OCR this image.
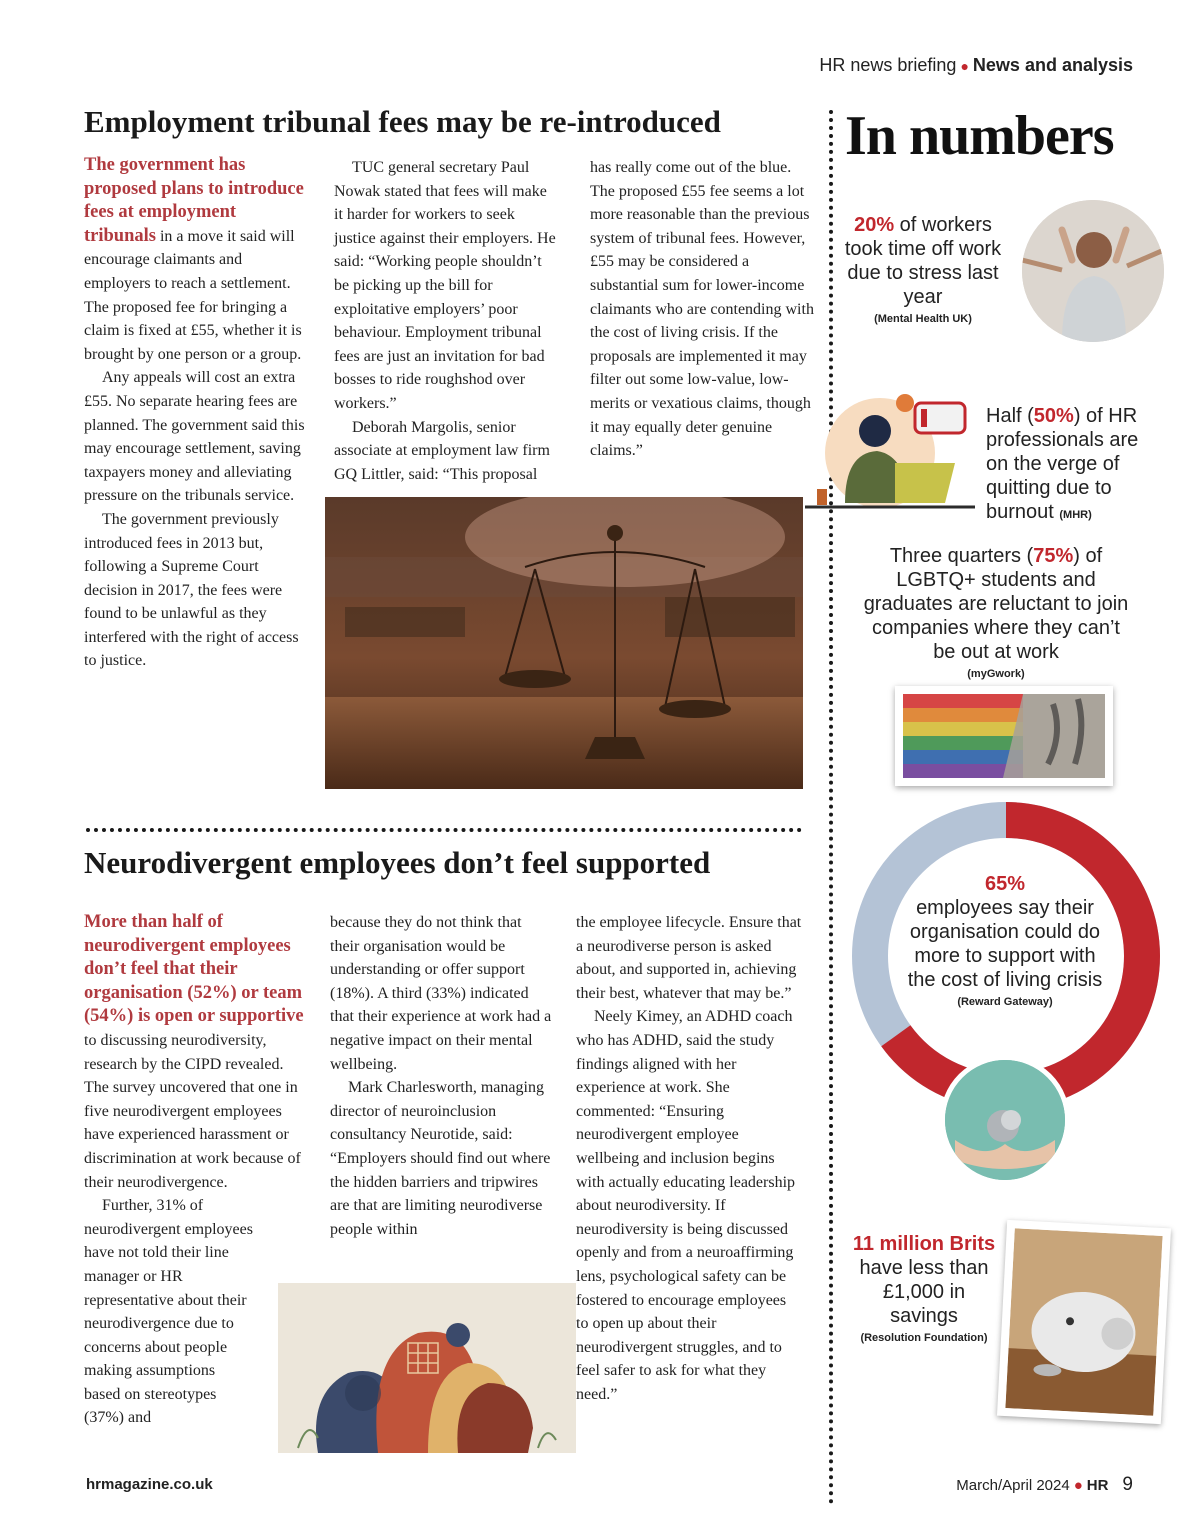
HR news briefing ● News and analysis
Employment tribunal fees may be re-introduced

The government has proposed plans to introduce fees at employment tribunals in a move it said will encourage claimants and employers to reach a settlement. The proposed fee for bringing a claim is fixed at £55, whether it is brought by one person or a group.

Any appeals will cost an extra £55. No separate hearing fees are planned. The government said this may encourage settlement, saving taxpayers money and alleviating pressure on the tribunals service.

The government previously introduced fees in 2013 but, following a Supreme Court decision in 2017, the fees were found to be unlawful as they interfered with the right of access to justice.

TUC general secretary Paul Nowak stated that fees will make it harder for workers to seek justice against their employers. He said: “Working people shouldn’t be picking up the bill for exploitative employers’ poor behaviour. Employment tribunal fees are just an invitation for bad bosses to ride roughshod over workers.”

Deborah Margolis, senior associate at employment law firm GQ Littler, said: “This proposal has really come out of the blue. The proposed £55 fee seems a lot more reasonable than the previous system of tribunal fees. However, £55 may be considered a substantial sum for lower-income claimants who are contending with the cost of living crisis. If the proposals are implemented it may filter out some low-value, low-merits or vexatious claims, though it may equally deter genuine claims.”

Neurodivergent employees don’t feel supported

More than half of neurodivergent employees don’t feel that their organisation (52%) or team (54%) is open or supportive to discussing neurodiversity, research by the CIPD revealed. The survey uncovered that one in five neurodivergent employees have experienced harassment or discrimination at work because of their neurodivergence.

Further, 31% of neurodivergent employees have not told their line manager or HR representative about their neurodivergence due to concerns about people making assumptions based on stereotypes (37%) and

because they do not think that their organisation would be understanding or offer support (18%). A third (33%) indicated that their experience at work had a negative impact on their mental wellbeing.

Mark Charlesworth, managing director of neuroinclusion consultancy Neurotide, said: “Employers should find out where the hidden barriers and tripwires are that are limiting neurodiverse people within

the employee lifecycle. Ensure that a neurodiverse person is asked about, and supported in, achieving their best, whatever that may be.”

Neely Kimey, an ADHD coach who has ADHD, said the study findings aligned with her experience at work. She commented: “Ensuring neurodivergent employee wellbeing and inclusion begins with actually educating leadership about neurodiversity. If neurodiversity is being discussed openly and from a neuroaffirming lens, psychological safety can be fostered to encourage employees to open up about their neurodivergent struggles, and to feel safer to ask for what they need.”

In numbers
20% of workers took time off work due to stress last year
(Mental Health UK)
Half (50%) of HR professionals are on the verge of quitting due to burnout (MHR)
Three quarters (75%) of LGBTQ+ students and graduates are reluctant to join companies where they can’t be out at work
(myGwork)
65%
employees say their organisation could do more to support with the cost of living crisis
(Reward Gateway)
11 million Brits have less than £1,000 in savings
(Resolution Foundation)
hrmagazine.co.uk	March/April 2024 ● HR 9
